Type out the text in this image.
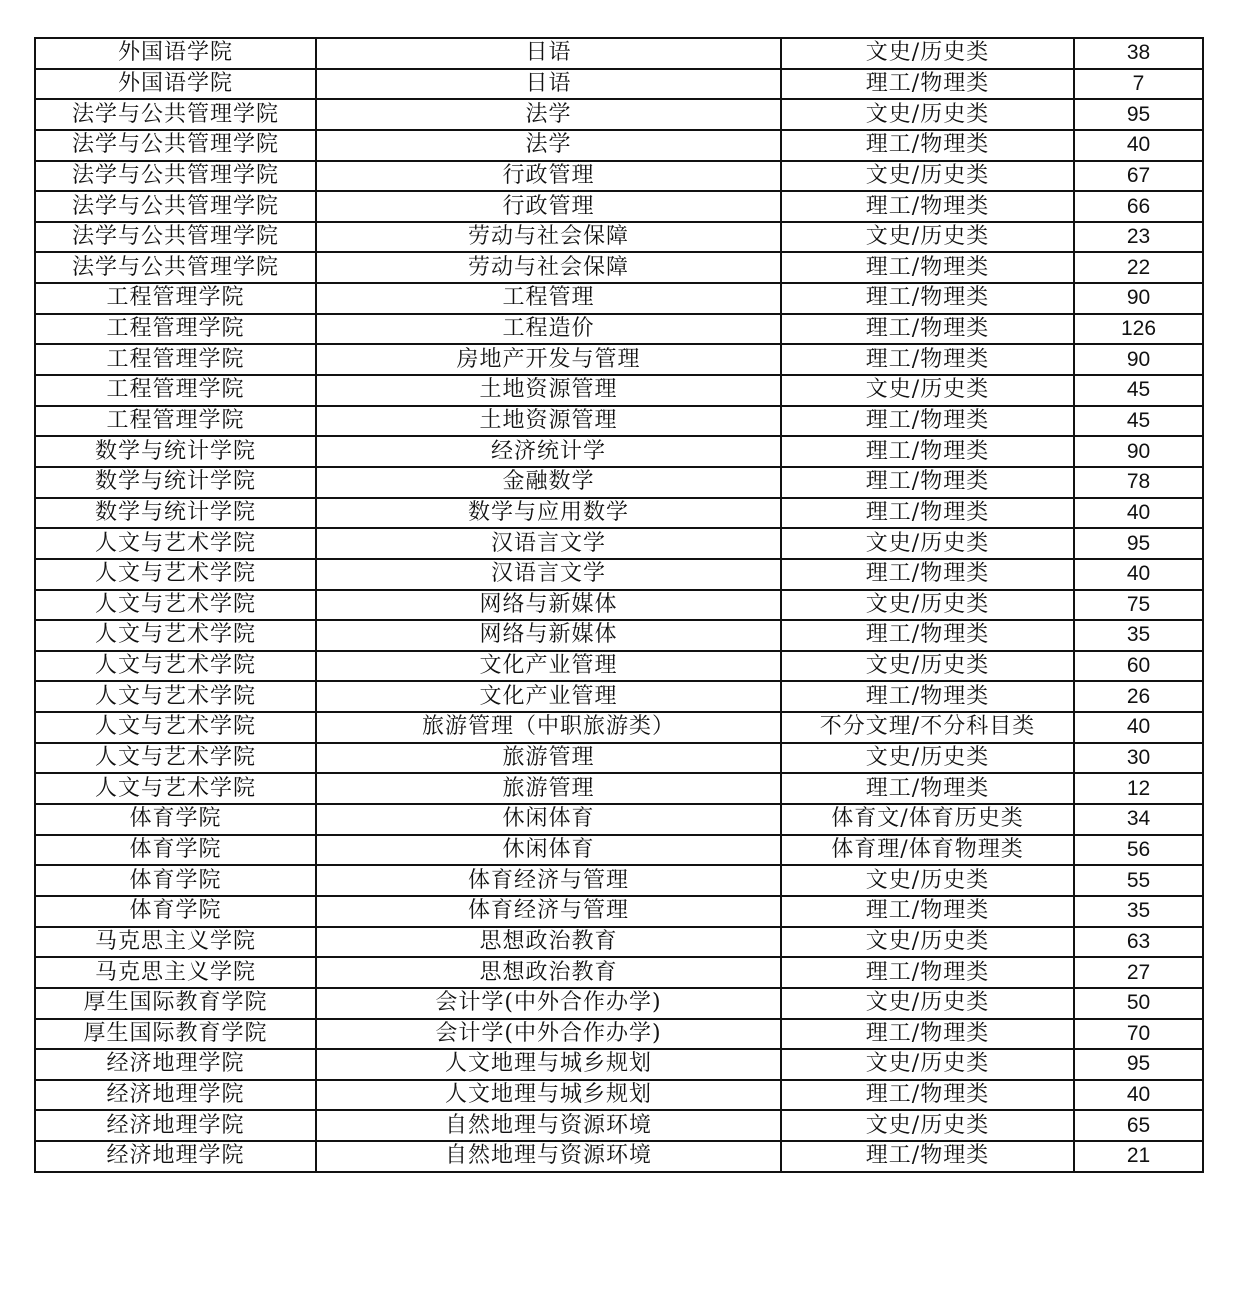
外国语学院	日语	文史/历史类	38
外国语学院	日语	理工/物理类	7
法学与公共管理学院	法学	文史/历史类	95
法学与公共管理学院	法学	理工/物理类	40
法学与公共管理学院	行政管理	文史/历史类	67
法学与公共管理学院	行政管理	理工/物理类	66
法学与公共管理学院	劳动与社会保障	文史/历史类	23
法学与公共管理学院	劳动与社会保障	理工/物理类	22
工程管理学院	工程管理	理工/物理类	90
工程管理学院	工程造价	理工/物理类	126
工程管理学院	房地产开发与管理	理工/物理类	90
工程管理学院	土地资源管理	文史/历史类	45
工程管理学院	土地资源管理	理工/物理类	45
数学与统计学院	经济统计学	理工/物理类	90
数学与统计学院	金融数学	理工/物理类	78
数学与统计学院	数学与应用数学	理工/物理类	40
人文与艺术学院	汉语言文学	文史/历史类	95
人文与艺术学院	汉语言文学	理工/物理类	40
人文与艺术学院	网络与新媒体	文史/历史类	75
人文与艺术学院	网络与新媒体	理工/物理类	35
人文与艺术学院	文化产业管理	文史/历史类	60
人文与艺术学院	文化产业管理	理工/物理类	26
人文与艺术学院	旅游管理（中职旅游类）	不分文理/不分科目类	40
人文与艺术学院	旅游管理	文史/历史类	30
人文与艺术学院	旅游管理	理工/物理类	12
体育学院	休闲体育	体育文/体育历史类	34
体育学院	休闲体育	体育理/体育物理类	56
体育学院	体育经济与管理	文史/历史类	55
体育学院	体育经济与管理	理工/物理类	35
马克思主义学院	思想政治教育	文史/历史类	63
马克思主义学院	思想政治教育	理工/物理类	27
厚生国际教育学院	会计学(中外合作办学)	文史/历史类	50
厚生国际教育学院	会计学(中外合作办学)	理工/物理类	70
经济地理学院	人文地理与城乡规划	文史/历史类	95
经济地理学院	人文地理与城乡规划	理工/物理类	40
经济地理学院	自然地理与资源环境	文史/历史类	65
经济地理学院	自然地理与资源环境	理工/物理类	21
